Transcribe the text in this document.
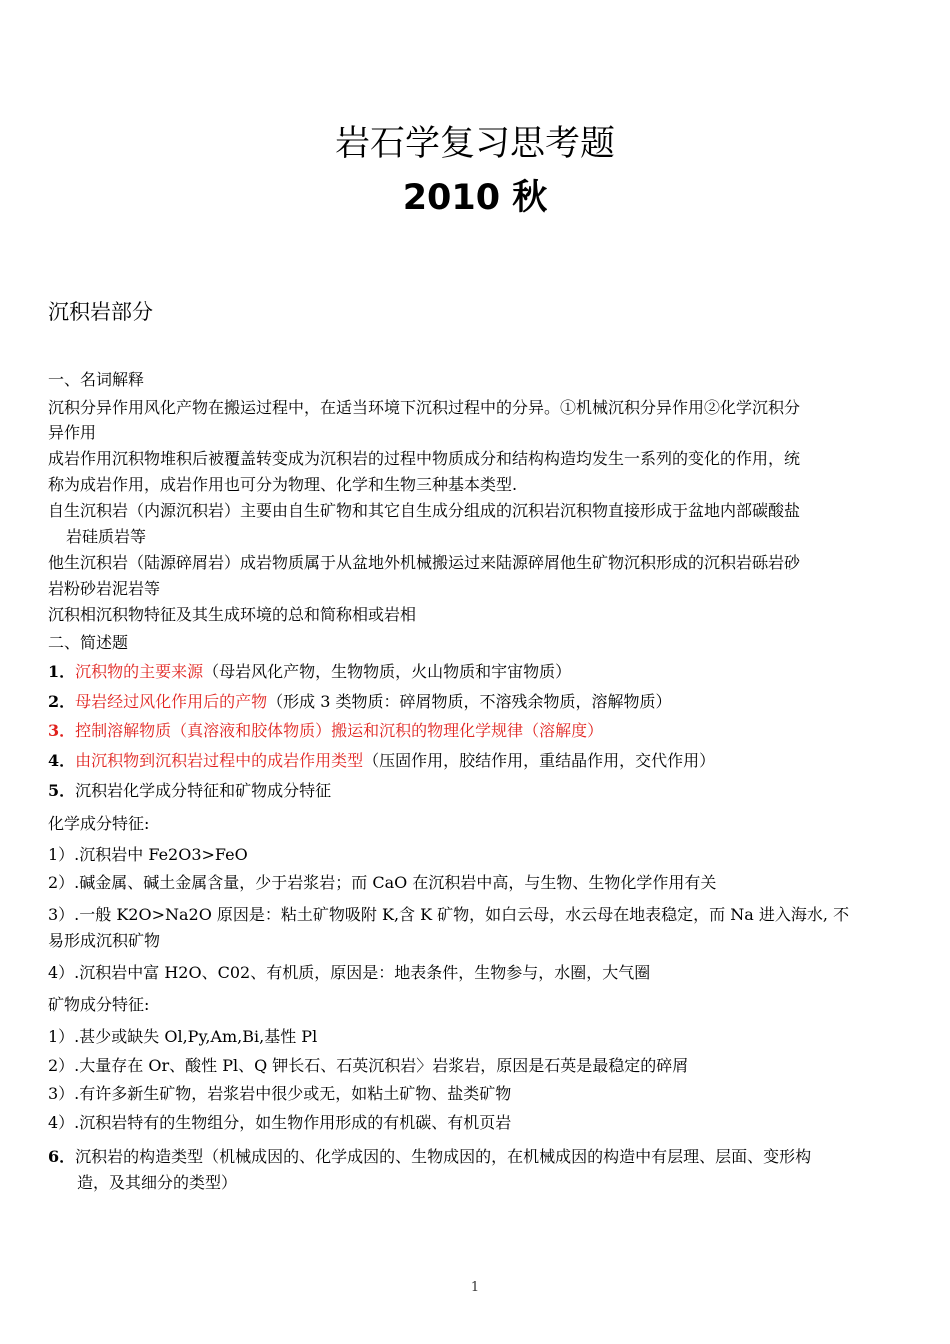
岩石学复习思考题
2010 秋
沉积岩部分
一、名词解释
沉积分异作用风化产物在搬运过程中，在适当环境下沉积过程中的分异。①机械沉积分异作用②化学沉积分
异作用
成岩作用沉积物堆积后被覆盖转变成为沉积岩的过程中物质成分和结构构造均发生一系列的变化的作用，统
称为成岩作用，成岩作用也可分为物理、化学和生物三种基本类型.
自生沉积岩（内源沉积岩）主要由自生矿物和其它自生成分组成的沉积岩沉积物直接形成于盆地内部碳酸盐
岩硅质岩等
他生沉积岩（陆源碎屑岩）成岩物质属于从盆地外机械搬运过来陆源碎屑他生矿物沉积形成的沉积岩砾岩砂
岩粉砂岩泥岩等
沉积相沉积物特征及其生成环境的总和简称相或岩相
二、简述题
1．沉积物的主要来源（母岩风化产物，生物物质，火山物质和宇宙物质）
2．母岩经过风化作用后的产物（形成 3 类物质：碎屑物质，不溶残余物质，溶解物质）
3．控制溶解物质（真溶液和胶体物质）搬运和沉积的物理化学规律（溶解度）
4．由沉积物到沉积岩过程中的成岩作用类型（压固作用，胶结作用，重结晶作用，交代作用）
5．沉积岩化学成分特征和矿物成分特征
化学成分特征:
1）.沉积岩中 Fe2O3>FeO
2）.碱金属、碱土金属含量，少于岩浆岩；而 CaO 在沉积岩中高，与生物、生物化学作用有关
3）.一般 K2O>Na2O 原因是：粘土矿物吸附 K,含 K 矿物，如白云母，水云母在地表稳定，而 Na 进入海水, 不
易形成沉积矿物
4）.沉积岩中富 H2O、C02、有机质，原因是：地表条件，生物参与，水圈，大气圈
矿物成分特征:
1）.甚少或缺失 Ol,Py,Am,Bi,基性 Pl
2）.大量存在 Or、酸性 Pl、Q 钾长石、石英沉积岩〉岩浆岩，原因是石英是最稳定的碎屑
3）.有许多新生矿物，岩浆岩中很少或无，如粘土矿物、盐类矿物
4）.沉积岩特有的生物组分，如生物作用形成的有机碳、有机页岩
6．沉积岩的构造类型（机械成因的、化学成因的、生物成因的，在机械成因的构造中有层理、层面、变形构
造，及其细分的类型）
1
